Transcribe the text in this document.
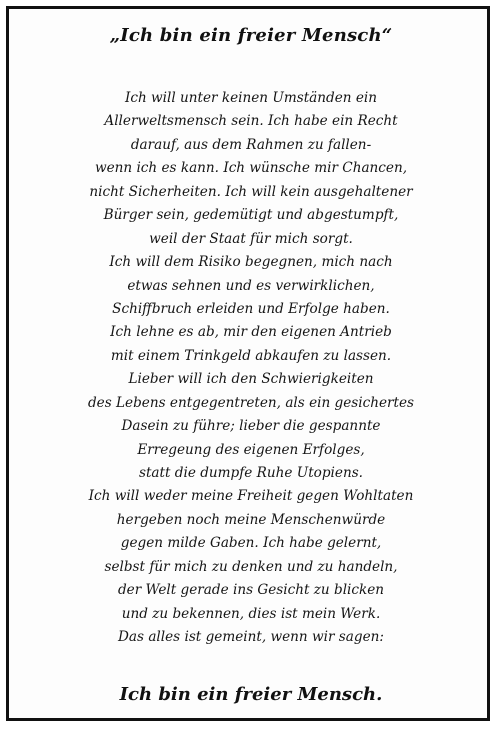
„Ich bin ein freier Mensch“
Ich will unter keinen Umständen ein
Allerweltsmensch sein. Ich habe ein Recht
darauf, aus dem Rahmen zu fallen-
wenn ich es kann. Ich wünsche mir Chancen,
nicht Sicherheiten. Ich will kein ausgehaltener
Bürger sein, gedemütigt und abgestumpft,
weil der Staat für mich sorgt.
Ich will dem Risiko begegnen, mich nach
etwas sehnen und es verwirklichen,
Schiffbruch erleiden und Erfolge haben.
Ich lehne es ab, mir den eigenen Antrieb
mit einem Trinkgeld abkaufen zu lassen.
Lieber will ich den Schwierigkeiten
des Lebens entgegentreten, als ein gesichertes
Dasein zu führe; lieber die gespannte
Erregeung des eigenen Erfolges,
statt die dumpfe Ruhe Utopiens.
Ich will weder meine Freiheit gegen Wohltaten
hergeben noch meine Menschenwürde
gegen milde Gaben. Ich habe gelernt,
selbst für mich zu denken und zu handeln,
der Welt gerade ins Gesicht zu blicken
und zu bekennen, dies ist mein Werk.
Das alles ist gemeint, wenn wir sagen:
Ich bin ein freier Mensch.
